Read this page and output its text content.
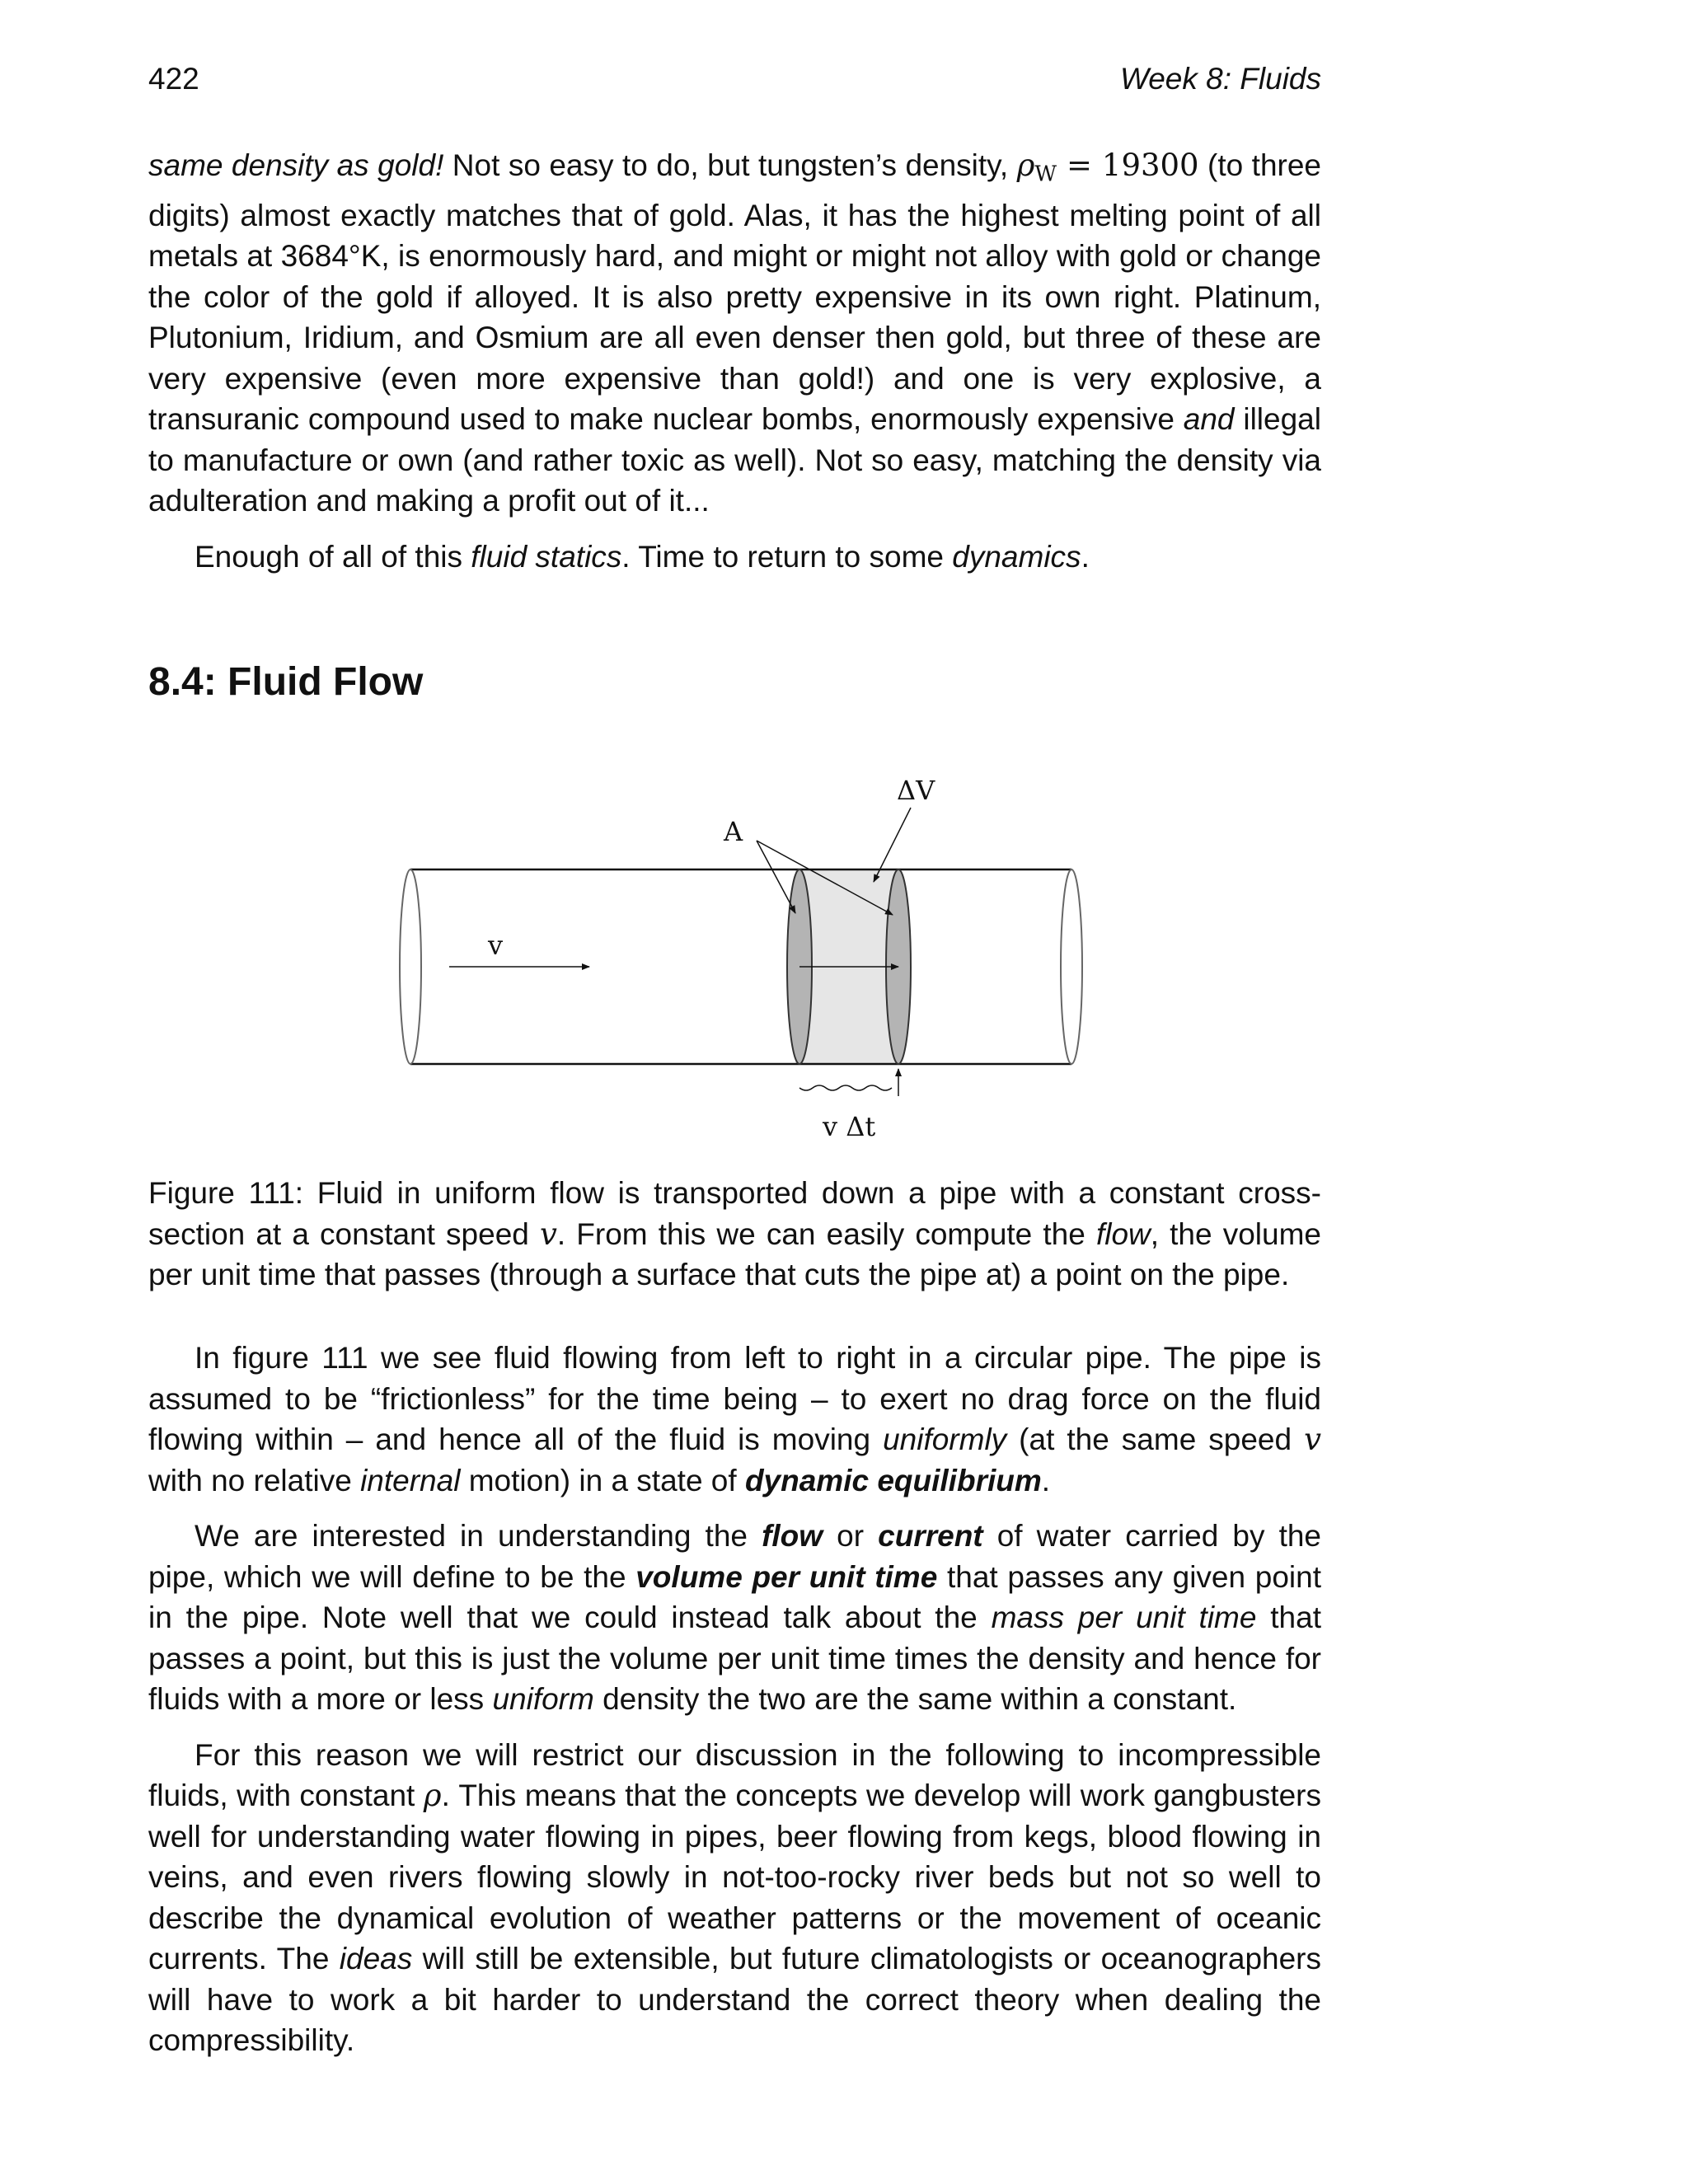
422	Week 8: Fluids

same density as gold! Not so easy to do, but tungsten’s density, $\rho_W = 19300$ (to three digits) almost exactly matches that of gold. Alas, it has the highest melting point of all metals at 3684°K, is enormously hard, and might or might not alloy with gold or change the color of the gold if alloyed. It is also pretty expensive in its own right. Platinum, Plutonium, Iridium, and Osmium are all even denser then gold, but three of these are very expensive (even more expensive than gold!) and one is very explosive, a transuranic compound used to make nuclear bombs, enormously expensive and illegal to manufacture or own (and rather toxic as well). Not so easy, matching the density via adulteration and making a profit out of it...

Enough of all of this fluid statics. Time to return to some dynamics.

8.4: Fluid Flow
ΔV
A
v
v Δt

Figure 111: Fluid in uniform flow is transported down a pipe with a constant cross-section at a constant speed v. From this we can easily compute the flow, the volume per unit time that passes (through a surface that cuts the pipe at) a point on the pipe.

In figure 111 we see fluid flowing from left to right in a circular pipe. The pipe is assumed to be “frictionless” for the time being – to exert no drag force on the fluid flowing within – and hence all of the fluid is moving uniformly (at the same speed v with no relative internal motion) in a state of dynamic equilibrium.

We are interested in understanding the flow or current of water carried by the pipe, which we will define to be the volume per unit time that passes any given point in the pipe. Note well that we could instead talk about the mass per unit time that passes a point, but this is just the volume per unit time times the density and hence for fluids with a more or less uniform density the two are the same within a constant.

For this reason we will restrict our discussion in the following to incompressible fluids, with constant ρ. This means that the concepts we develop will work gangbusters well for understanding water flowing in pipes, beer flowing from kegs, blood flowing in veins, and even rivers flowing slowly in not-too-rocky river beds but not so well to describe the dynamical evolution of weather patterns or the movement of oceanic currents. The ideas will still be extensible, but future climatologists or oceanographers will have to work a bit harder to understand the correct theory when dealing the compressibility.
